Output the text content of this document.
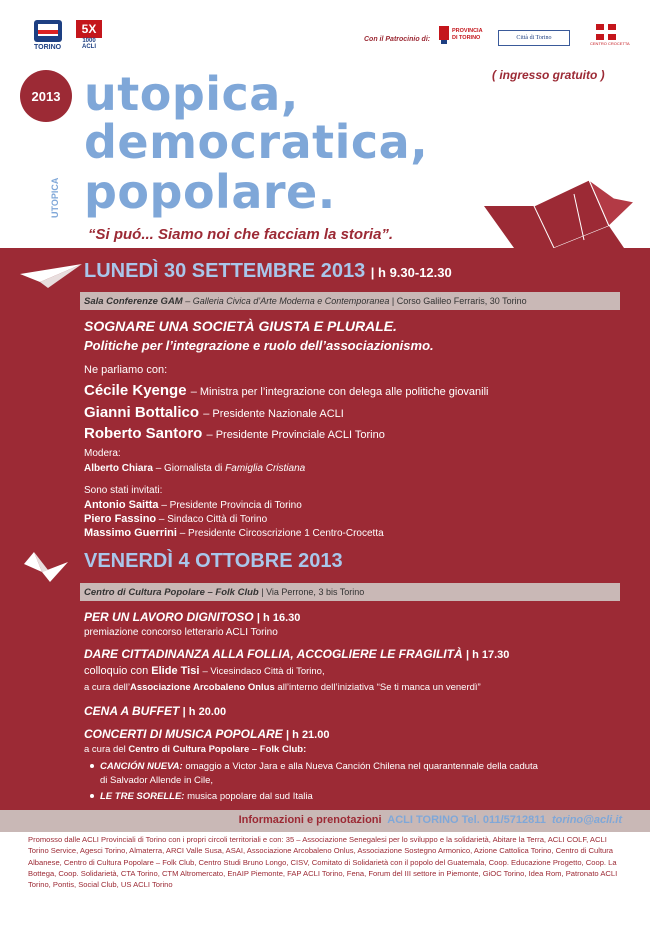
TORINO
5X
1000 ACLI
Con il Patrocinio di:
PROVINCIA DI TORINO	Città di Torino
CENTRO CROCETTA
2013
( ingresso gratuito )
utopica,
democratica,
popolare.
UTOPICA
“Si puó... Siamo noi che facciam la storia”.
LUNEDÌ 30 SETTEMBRE 2013 | h 9.30-12.30
Sala Conferenze GAM
– Galleria Civica d’Arte Moderna e Contemporanea
| Corso Galileo Ferraris, 30 Torino
SOGNARE UNA SOCIETÀ GIUSTA E PLURALE.
Politiche per l’integrazione e ruolo dell’associazionismo.
Ne parliamo con:
Cécile Kyenge – Ministra per l’integrazione con delega alle politiche giovanili
Gianni Bottalico – Presidente Nazionale ACLI
Roberto Santoro – Presidente Provinciale ACLI Torino
Modera:
Alberto Chiara – Giornalista di Famiglia Cristiana
Sono stati invitati:
Antonio Saitta – Presidente Provincia di Torino
Piero Fassino – Sindaco Città di Torino
Massimo Guerrini – Presidente Circoscrizione 1 Centro-Crocetta
VENERDÌ 4 OTTOBRE 2013
Centro di Cultura Popolare – Folk Club
| Via Perrone, 3 bis Torino
PER UN LAVORO DIGNITOSO | h 16.30
premiazione concorso letterario ACLI Torino
DARE CITTADINANZA ALLA FOLLIA, ACCOGLIERE LE FRAGILITÀ | h 17.30
colloquio con Elide Tisi – Vicesindaco Città di Torino,
a cura dell’Associazione Arcobaleno Onlus all’interno dell’iniziativa “Se ti manca un venerdì”
CENA A BUFFET | h 20.00
CONCERTI DI MUSICA POPOLARE | h 21.00
a cura del Centro di Cultura Popolare – Folk Club:
CANCIÓN NUEVA: omaggio a Victor Jara e alla Nueva Canción Chilena nel quarantennale della caduta
di Salvador Allende in Cile,
LE TRE SORELLE: musica popolare dal sud Italia
Informazioni e prenotazioni ACLI TORINO Tel. 011/5712811 torino@acli.it
Promosso dalle ACLI Provinciali di Torino con i propri circoli territoriali e con: 35 – Associazione Senegalesi per lo sviluppo e la solidarietà, Abitare la Terra, ACLI COLF, ACLI Torino Service, Agesci Torino, Almaterra, ARCI Valle Susa, ASAI, Associazione Arcobaleno Onlus, Associazione Sostegno Armonico, Azione Cattolica Torino, Centro di Cultura Albanese, Centro di Cultura Popolare – Folk Club, Centro Studi Bruno Longo, CISV, Comitato di Solidarietà con il popolo del Guatemala, Coop. Educazione Progetto, Coop. La Bottega, Coop. Solidarietà, CTA Torino, CTM Altromercato, EnAIP Piemonte, FAP ACLI Torino, Fena, Forum del III settore in Piemonte, GiOC Torino, Idea Rom, Patronato ACLI Torino, Pontis, Social Club, US ACLI Torino
